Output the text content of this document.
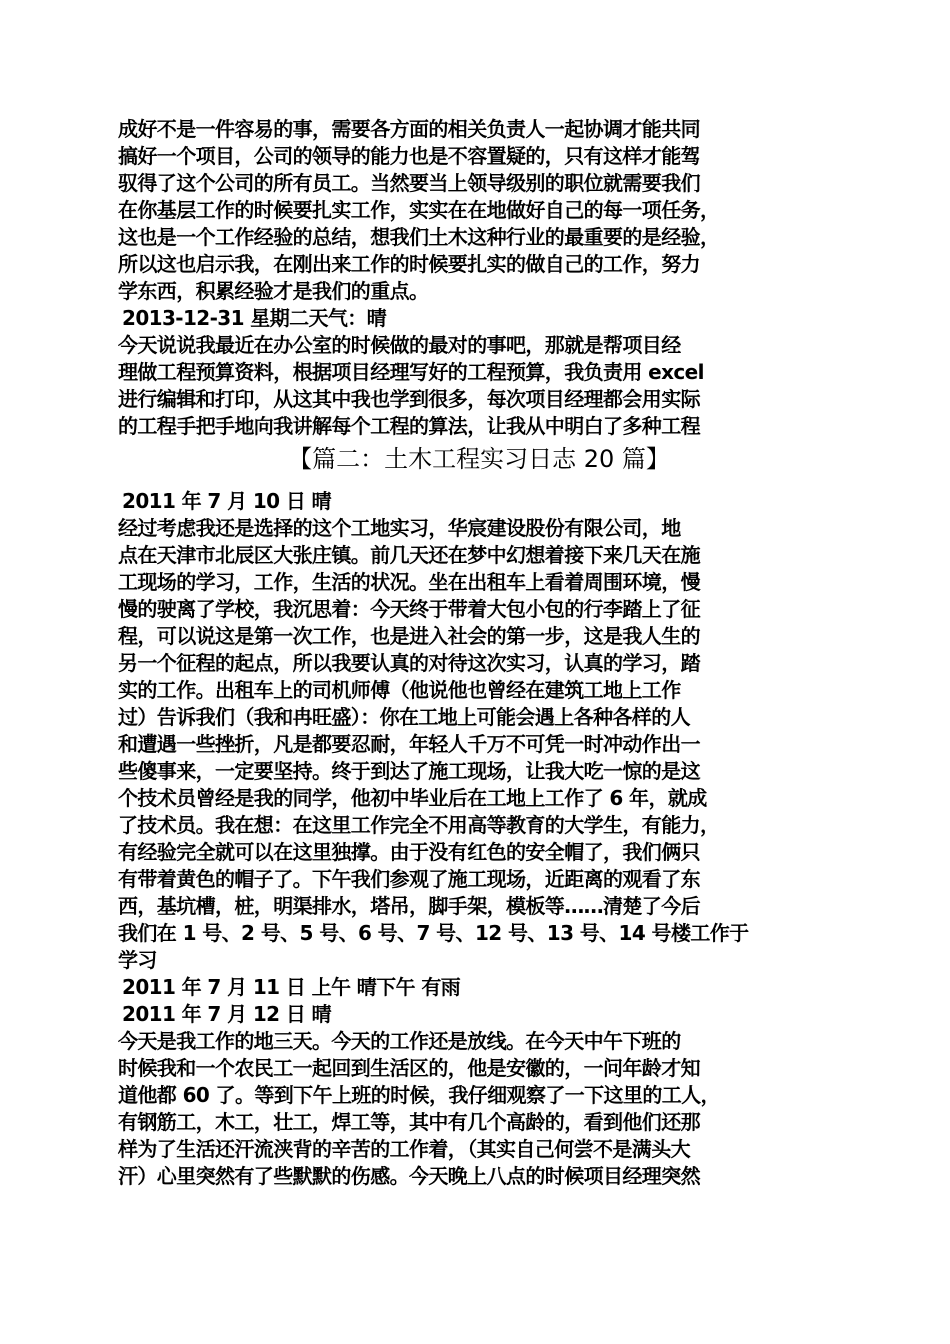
成好不是一件容易的事，需要各方面的相关负责人一起协调才能共同
搞好一个项目，公司的领导的能力也是不容置疑的，只有这样才能驾
驭得了这个公司的所有员工。当然要当上领导级别的职位就需要我们
在你基层工作的时候要扎实工作，实实在在地做好自己的每一项任务，
这也是一个工作经验的总结，想我们土木这种行业的最重要的是经验，
所以这也启示我，在刚出来工作的时候要扎实的做自己的工作，努力
学东西，积累经验才是我们的重点。
2013-12-31 星期二天气：晴
今天说说我最近在办公室的时候做的最对的事吧，那就是帮项目经
理做工程预算资料，根据项目经理写好的工程预算，我负责用 excel
进行编辑和打印，从这其中我也学到很多，每次项目经理都会用实际
的工程手把手地向我讲解每个工程的算法，让我从中明白了多种工程
【篇二：土木工程实习日志 20 篇】
2011 年 7 月 10 日 晴
经过考虑我还是选择的这个工地实习，华宸建设股份有限公司，地
点在天津市北辰区大张庄镇。前几天还在梦中幻想着接下来几天在施
工现场的学习，工作，生活的状况。坐在出租车上看着周围环境，慢
慢的驶离了学校，我沉思着：今天终于带着大包小包的行李踏上了征
程，可以说这是第一次工作，也是进入社会的第一步，这是我人生的
另一个征程的起点，所以我要认真的对待这次实习，认真的学习，踏
实的工作。出租车上的司机师傅（他说他也曾经在建筑工地上工作
过）告诉我们（我和冉旺盛）：你在工地上可能会遇上各种各样的人
和遭遇一些挫折，凡是都要忍耐，年轻人千万不可凭一时冲动作出一
些傻事来，一定要坚持。终于到达了施工现场，让我大吃一惊的是这
个技术员曾经是我的同学，他初中毕业后在工地上工作了 6 年，就成
了技术员。我在想：在这里工作完全不用高等教育的大学生，有能力，
有经验完全就可以在这里独撑。由于没有红色的安全帽了，我们俩只
有带着黄色的帽子了。下午我们参观了施工现场，近距离的观看了东
西，基坑槽，桩，明渠排水，塔吊，脚手架，模板等……清楚了今后
我们在 1 号、2 号、5 号、6 号、7 号、12 号、13 号、14 号楼工作于
学习
2011 年 7 月 11 日 上午 晴下午 有雨
2011 年 7 月 12 日 晴
今天是我工作的地三天。今天的工作还是放线。在今天中午下班的
时候我和一个农民工一起回到生活区的，他是安徽的，一问年龄才知
道他都 60 了。等到下午上班的时候，我仔细观察了一下这里的工人，
有钢筋工，木工，壮工，焊工等，其中有几个高龄的，看到他们还那
样为了生活还汗流浃背的辛苦的工作着，（其实自己何尝不是满头大
汗）心里突然有了些默默的伤感。今天晚上八点的时候项目经理突然
